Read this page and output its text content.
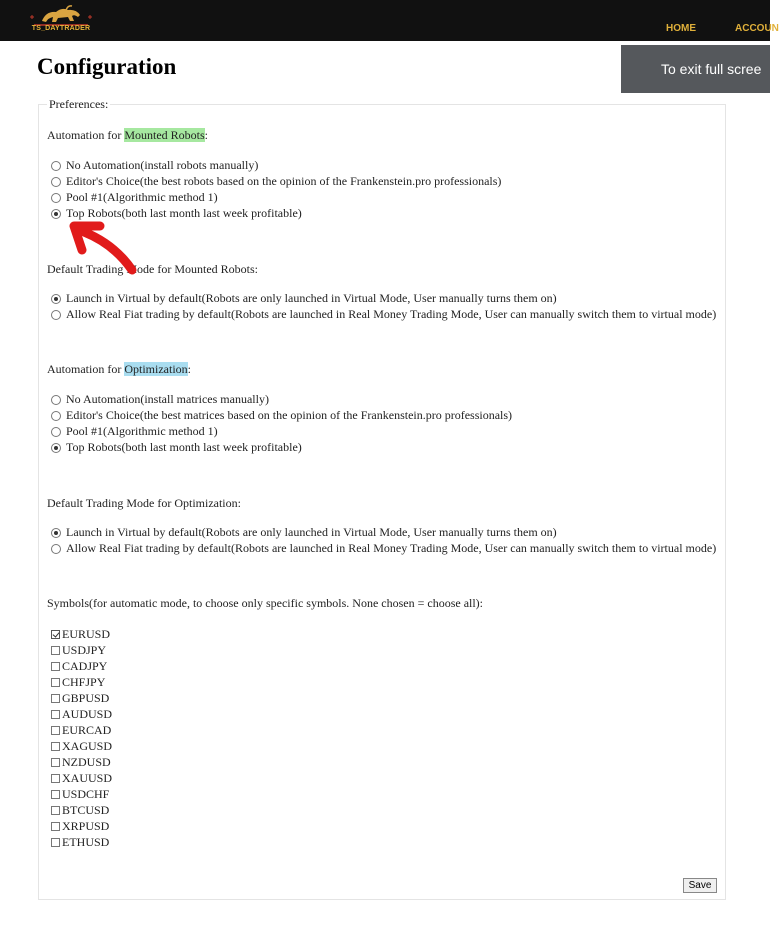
TS_DAYTRADER	HOME	ACCOUN
Configuration	To exit full scree
Preferences:
Automation for Mounted Robots:
No Automation(install robots manually)
Editor's Choice(the best robots based on the opinion of the Frankenstein.pro professionals)
Pool #1(Algorithmic method 1)
Top Robots(both last month last week profitable)
Default Trading Mode for Mounted Robots:
Launch in Virtual by default(Robots are only launched in Virtual Mode, User manually turns them on)
Allow Real Fiat trading by default(Robots are launched in Real Money Trading Mode, User can manually switch them to virtual mode)
Automation for Optimization:
No Automation(install matrices manually)
Editor's Choice(the best matrices based on the opinion of the Frankenstein.pro professionals)
Pool #1(Algorithmic method 1)
Top Robots(both last month last week profitable)
Default Trading Mode for Optimization:
Launch in Virtual by default(Robots are only launched in Virtual Mode, User manually turns them on)
Allow Real Fiat trading by default(Robots are launched in Real Money Trading Mode, User can manually switch them to virtual mode)
Symbols(for automatic mode, to choose only specific symbols. None chosen = choose all):
EURUSD
USDJPY
CADJPY
CHFJPY
GBPUSD
AUDUSD
EURCAD
XAGUSD
NZDUSD
XAUUSD
USDCHF
BTCUSD
XRPUSD
ETHUSD
Save
